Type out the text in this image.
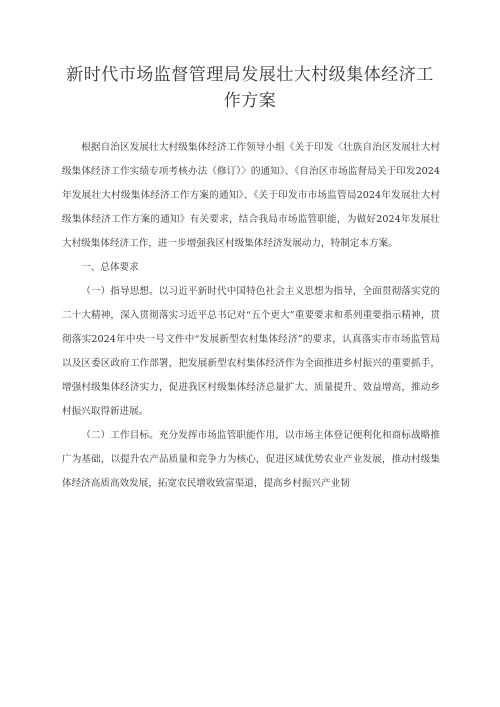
新时代市场监督管理局发展壮大村级集体经济工作方案

根据自治区发展壮大村级集体经济工作领导小组《关于印发〈壮族自治区发展壮大村级集体经济工作实绩专项考核办法（修订）〉的通知》、《自治区市场监督局关于印发2024年发展壮大村级集体经济工作方案的通知》、《关于印发市市场监管局2024年发展壮大村级集体经济工作方案的通知》有关要求，结合我局市场监管职能，为做好2024年发展壮大村级集体经济工作，进一步增强我区村级集体经济发展动力，特制定本方案。

一、总体要求

（一）指导思想。以习近平新时代中国特色社会主义思想为指导，全面贯彻落实党的二十大精神，深入贯彻落实习近平总书记对“五个更大”重要要求和系列重要指示精神，贯彻落实2024年中央一号文件中“发展新型农村集体经济”的要求，认真落实市市场监管局以及区委区政府工作部署，把发展新型农村集体经济作为全面推进乡村振兴的重要抓手，增强村级集体经济实力，促进我区村级集体经济总量扩大、质量提升、效益增高，推动乡村振兴取得新进展。

（二）工作目标。充分发挥市场监管职能作用，以市场主体登记便利化和商标战略推广为基础，以提升农产品质量和竞争力为核心，促进区域优势农业产业发展，推动村级集体经济高质高效发展，拓宽农民增收致富渠道，提高乡村振兴产业韧
